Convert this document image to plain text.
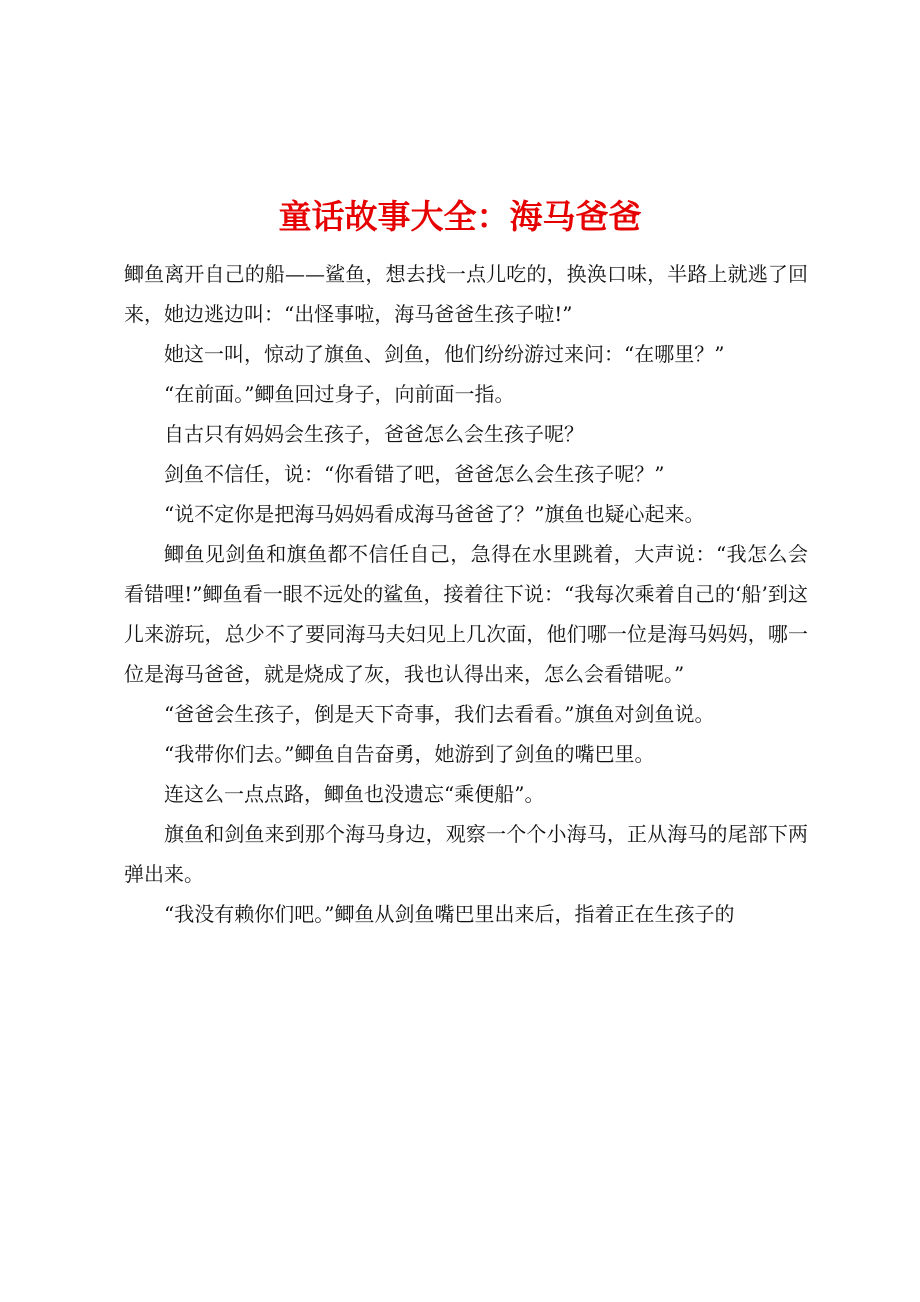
童话故事大全：海马爸爸

鲫鱼离开自己的船——鲨鱼，想去找一点儿吃的，换涣口味，半路上就逃了回来，她边逃边叫：“出怪事啦，海马爸爸生孩子啦!”

她这一叫，惊动了旗鱼、剑鱼，他们纷纷游过来问：“在哪里？”

“在前面。”鲫鱼回过身子，向前面一指。

自古只有妈妈会生孩子，爸爸怎么会生孩子呢？

剑鱼不信任，说：“你看错了吧，爸爸怎么会生孩子呢？”

“说不定你是把海马妈妈看成海马爸爸了？”旗鱼也疑心起来。

鲫鱼见剑鱼和旗鱼都不信任自己，急得在水里跳着，大声说：“我怎么会看错哩!”鲫鱼看一眼不远处的鲨鱼，接着往下说：“我每次乘着自己的‘船’到这儿来游玩，总少不了要同海马夫妇见上几次面，他们哪一位是海马妈妈，哪一位是海马爸爸，就是烧成了灰，我也认得出来，怎么会看错呢。”

“爸爸会生孩子，倒是天下奇事，我们去看看。”旗鱼对剑鱼说。

“我带你们去。”鲫鱼自告奋勇，她游到了剑鱼的嘴巴里。

连这么一点点路，鲫鱼也没遗忘“乘便船”。

旗鱼和剑鱼来到那个海马身边，观察一个个小海马，正从海马的尾部下两弹出来。

“我没有赖你们吧。”鲫鱼从剑鱼嘴巴里出来后，指着正在生孩子的
